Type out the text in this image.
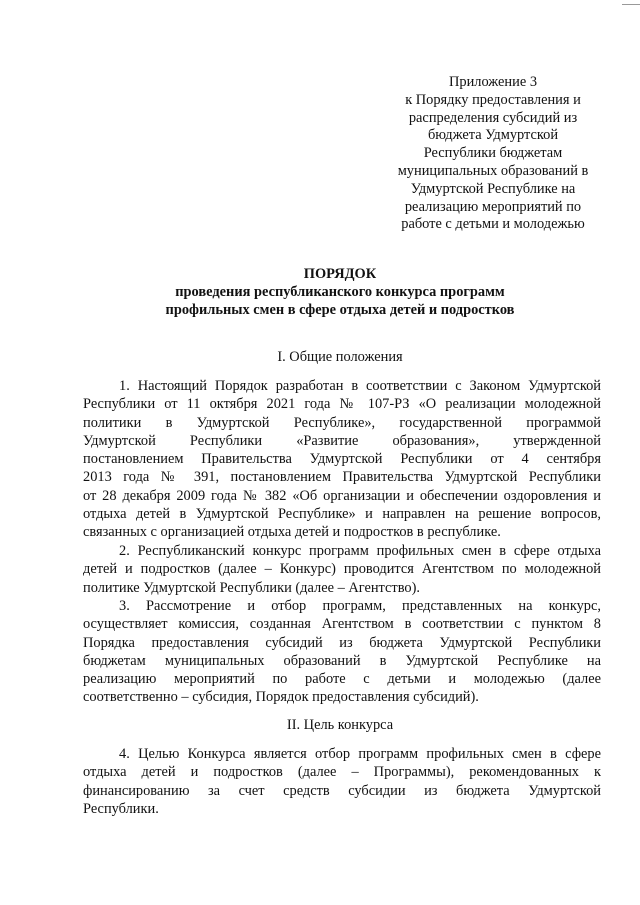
Приложение 3
к Порядку предоставления и
распределения субсидий из
бюджета Удмуртской
Республики бюджетам
муниципальных образований в
Удмуртской Республике на
реализацию мероприятий по
работе с детьми и молодежью
ПОРЯДОК
проведения республиканского конкурса программ
профильных смен в сфере отдыха детей и подростков
I. Общие положения
1. Настоящий Порядок разработан в соответствии с Законом Удмуртской
Республики от 11 октября 2021 года № 107-РЗ «О реализации молодежной
политики в Удмуртской Республике», государственной программой
Удмуртской Республики «Развитие образования», утвержденной
постановлением Правительства Удмуртской Республики от 4 сентября
2013 года № 391, постановлением Правительства Удмуртской Республики
от 28 декабря 2009 года № 382 «Об организации и обеспечении оздоровления и
отдыха детей в Удмуртской Республике» и направлен на решение вопросов,
связанных с организацией отдыха детей и подростков в республике.
2. Республиканский конкурс программ профильных смен в сфере отдыха
детей и подростков (далее – Конкурс) проводится Агентством по молодежной
политике Удмуртской Республики (далее – Агентство).
3. Рассмотрение и отбор программ, представленных на конкурс,
осуществляет комиссия, созданная Агентством в соответствии с пунктом 8
Порядка предоставления субсидий из бюджета Удмуртской Республики
бюджетам муниципальных образований в Удмуртской Республике на
реализацию мероприятий по работе с детьми и молодежью (далее
соответственно – субсидия, Порядок предоставления субсидий).
II. Цель конкурса
4. Целью Конкурса является отбор программ профильных смен в сфере
отдыха детей и подростков (далее – Программы), рекомендованных к
финансированию за счет средств субсидии из бюджета Удмуртской
Республики.
